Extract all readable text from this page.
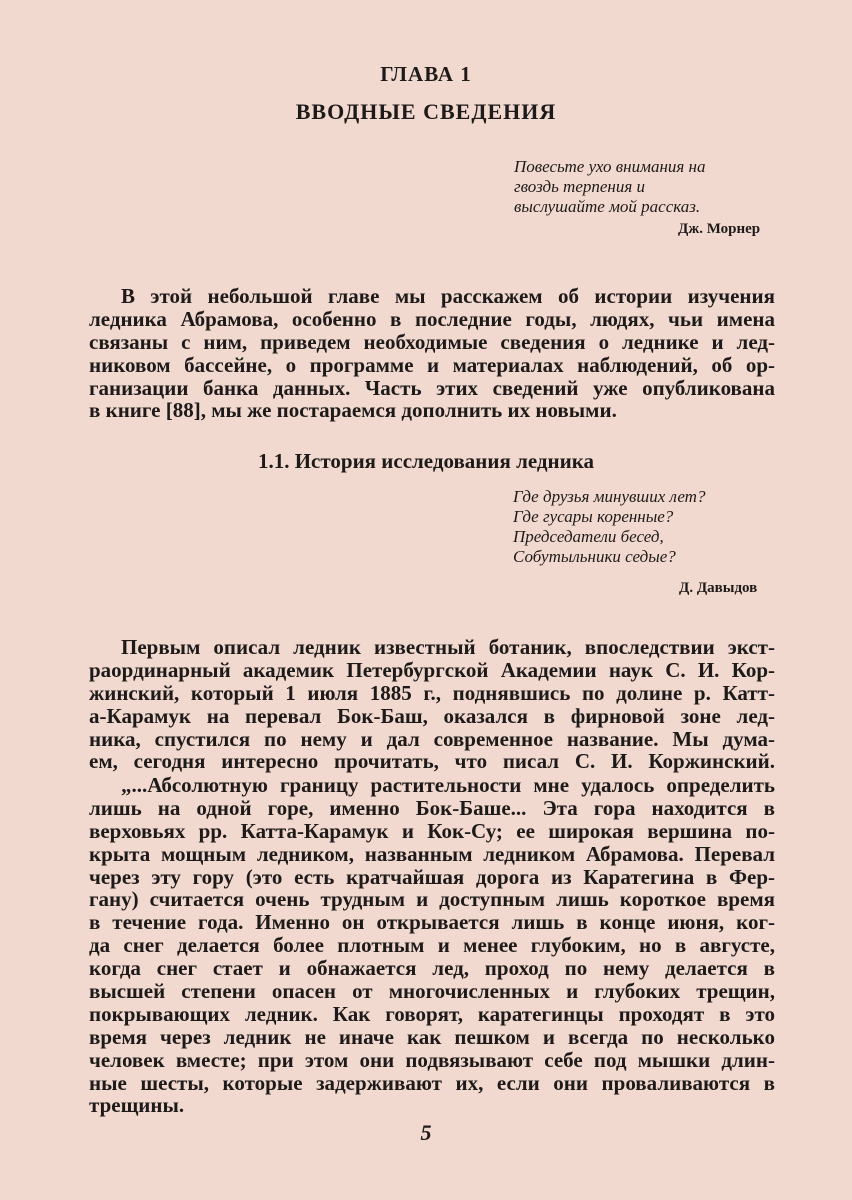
ГЛАВА 1
ВВОДНЫЕ СВЕДЕНИЯ
Повесьте ухо внимания на
гвоздь терпения и
выслушайте мой рассказ.
Дж. Морнер
В этой небольшой главе мы расскажем об истории изучения
ледника Абрамова, особенно в последние годы, людях, чьи имена
связаны с ним, приведем необходимые сведения о леднике и лед-
никовом бассейне, о программе и материалах наблюдений, об ор-
ганизации банка данных. Часть этих сведений уже опубликована
в книге [88], мы же постараемся дополнить их новыми.
1.1. История исследования ледника
Где друзья минувших лет?
Где гусары коренные?
Председатели бесед,
Собутыльники седые?
Д. Давыдов
Первым описал ледник известный ботаник, впоследствии экст-
раординарный академик Петербургской Академии наук С. И. Кор-
жинский, который 1 июля 1885 г., поднявшись по долине р. Катт-
а-Карамук на перевал Бок-Баш, оказался в фирновой зоне лед-
ника, спустился по нему и дал современное название. Мы дума-
ем, сегодня интересно прочитать, что писал С. И. Коржинский.
„...Абсолютную границу растительности мне удалось определить
лишь на одной горе, именно Бок-Баше... Эта гора находится в
верховьях рр. Катта-Карамук и Кок-Су; ее широкая вершина по-
крыта мощным ледником, названным ледником Абрамова. Перевал
через эту гору (это есть кратчайшая дорога из Каратегина в Фер-
гану) считается очень трудным и доступным лишь короткое время
в течение года. Именно он открывается лишь в конце июня, ког-
да снег делается более плотным и менее глубоким, но в августе,
когда снег стает и обнажается лед, проход по нему делается в
высшей степени опасен от многочисленных и глубоких трещин,
покрывающих ледник. Как говорят, каратегинцы проходят в это
время через ледник не иначе как пешком и всегда по несколько
человек вместе; при этом они подвязывают себе под мышки длин-
ные шесты, которые задерживают их, если они проваливаются в
трещины.
5
